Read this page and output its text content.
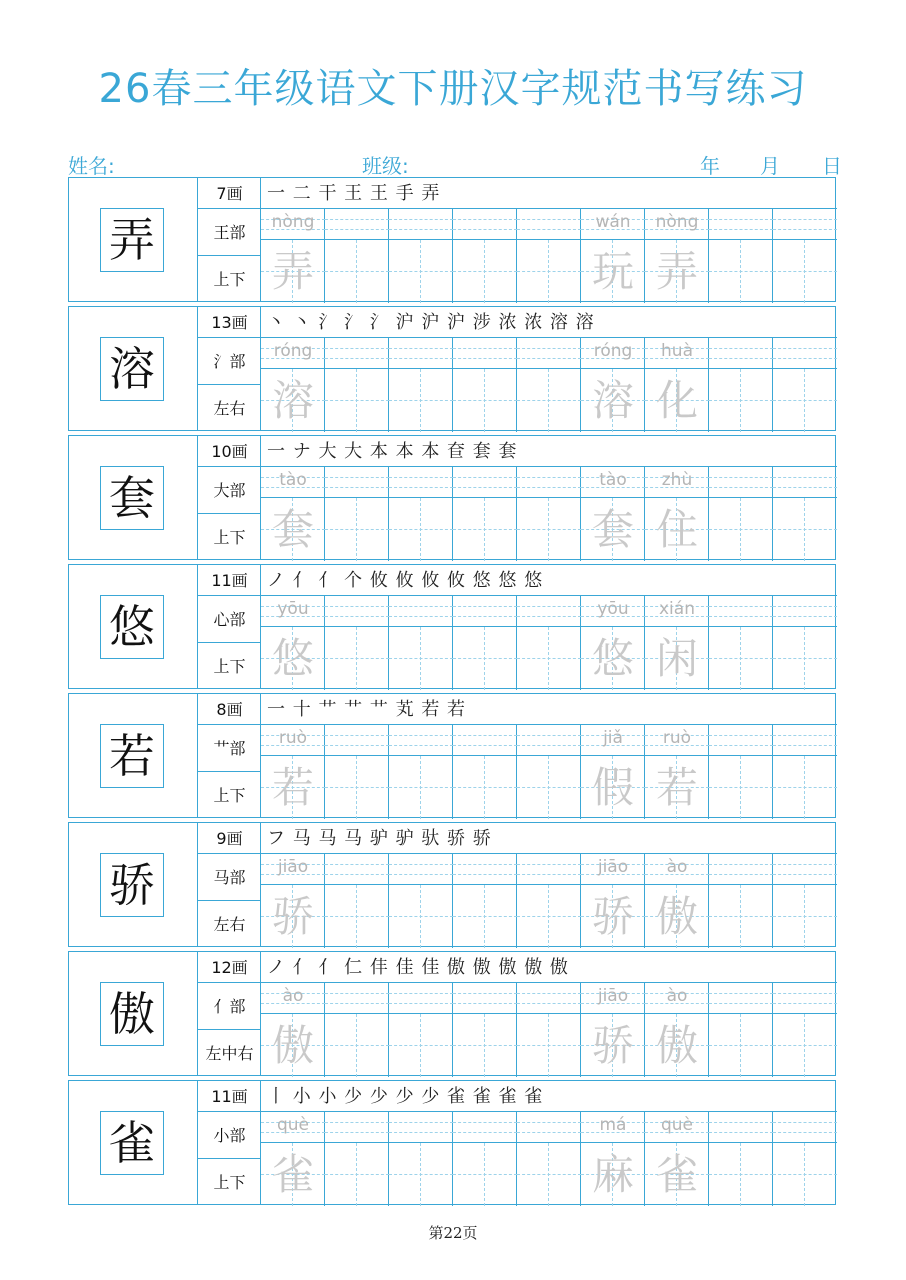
26春三年级语文下册汉字规范书写练习
姓名:	班级:	年 月 日
弄
7画
王部
上下
一 二 干 王 王 手 弄
nòng
弄
wán
玩
nòng
弄
溶
13画
氵部
左右
丶 丶 氵 氵 氵 沪 沪 沪 涉 浓 浓 溶 溶
róng
溶
róng
溶
huà
化
套
10画
大部
上下
一 ナ 大 大 本 本 本 奆 套 套
tào
套
tào
套
zhù
住
悠
11画
心部
上下
ノ 亻 亻 个 攸 攸 攸 攸 悠 悠 悠
yōu
悠
yōu
悠
xián
闲
若
8画
艹部
上下
一 十 艹 艹 艹 芄 若 若
ruò
若
jiǎ
假
ruò
若
骄
9画
马部
左右
フ 马 马 马 驴 驴 驮 骄 骄
jiāo
骄
jiāo
骄
ào
傲
傲
12画
亻部
左中右
ノ 亻 亻 仁 仹 佳 佳 傲 傲 傲 傲 傲
ào
傲
jiāo
骄
ào
傲
雀
11画
小部
上下
丨 小 小 少 少 少 少 雀 雀 雀 雀
què
雀
má
麻
què
雀
第22页
